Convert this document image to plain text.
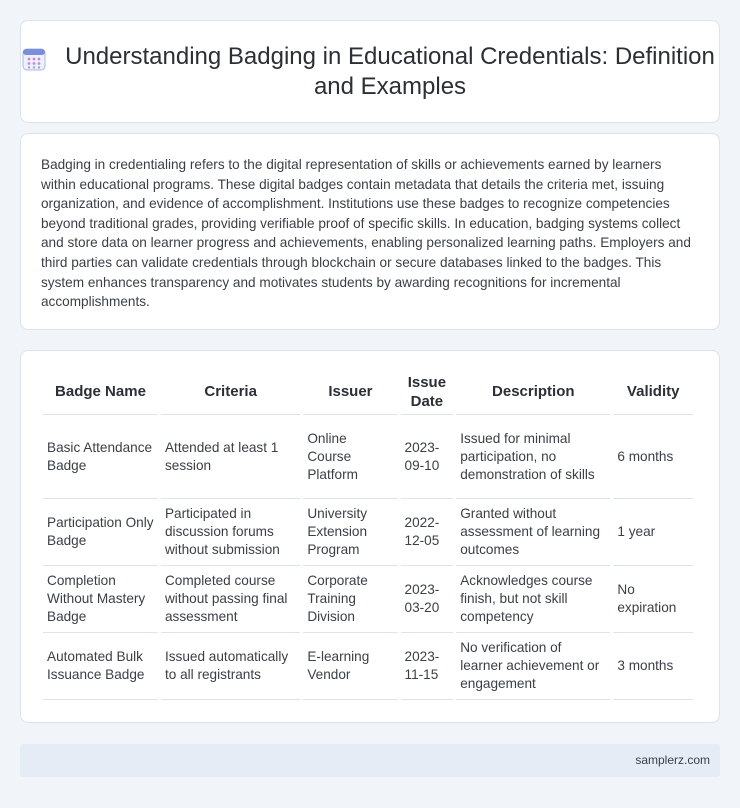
Understanding Badging in Educational Credentials: Definition and Examples

Badging in credentialing refers to the digital representation of skills or achievements earned by learners within educational programs. These digital badges contain metadata that details the criteria met, issuing organization, and evidence of accomplishment. Institutions use these badges to recognize competencies beyond traditional grades, providing verifiable proof of specific skills. In education, badging systems collect and store data on learner progress and achievements, enabling personalized learning paths. Employers and third parties can validate credentials through blockchain or secure databases linked to the badges. This system enhances transparency and motivates students by awarding recognitions for incremental accomplishments.

Badge Name	Criteria	Issuer	Issue Date	Description	Validity
Basic Attendance Badge	Attended at least 1 session	Online Course Platform	2023-09-10	Issued for minimal participation, no demonstration of skills	6 months
Participation Only Badge	Participated in discussion forums without submission	University Extension Program	2022-12-05	Granted without assessment of learning outcomes	1 year
Completion Without Mastery Badge	Completed course without passing final assessment	Corporate Training Division	2023-03-20	Acknowledges course finish, but not skill competency	No expiration
Automated Bulk Issuance Badge	Issued automatically to all registrants	E-learning Vendor	2023-11-15	No verification of learner achievement or engagement	3 months
samplerz.com
